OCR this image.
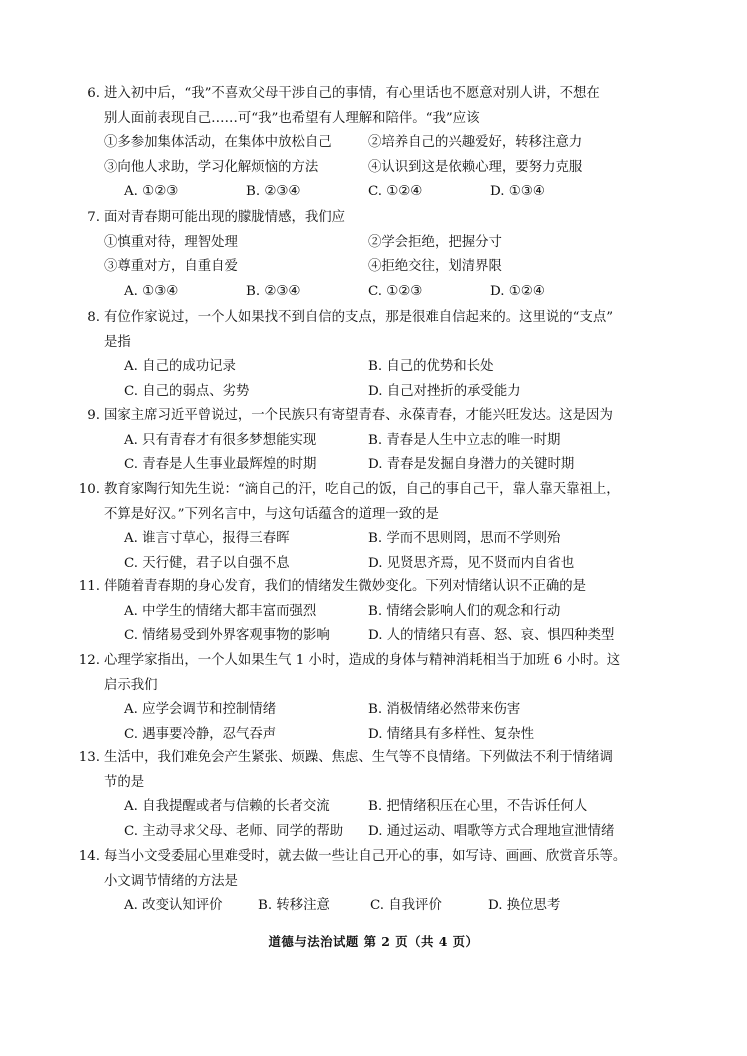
6. 进入初中后，“我”不喜欢父母干涉自己的事情，有心里话也不愿意对别人讲，不想在
别人面前表现自己……可“我”也希望有人理解和陪伴。“我”应该
①多参加集体活动，在集体中放松自己	②培养自己的兴趣爱好，转移注意力
③向他人求助，学习化解烦恼的方法	④认识到这是依赖心理，要努力克服
A. ①②③	B. ②③④	C. ①②④	D. ①③④
7. 面对青春期可能出现的朦胧情感，我们应
①慎重对待，理智处理	②学会拒绝，把握分寸
③尊重对方，自重自爱	④拒绝交往，划清界限
A. ①③④	B. ②③④	C. ①②③	D. ①②④
8. 有位作家说过，一个人如果找不到自信的支点，那是很难自信起来的。这里说的“支点”
是指
A. 自己的成功记录	B. 自己的优势和长处
C. 自己的弱点、劣势	D. 自己对挫折的承受能力
9. 国家主席习近平曾说过，一个民族只有寄望青春、永葆青春，才能兴旺发达。这是因为
A. 只有青春才有很多梦想能实现	B. 青春是人生中立志的唯一时期
C. 青春是人生事业最辉煌的时期	D. 青春是发掘自身潜力的关键时期
10. 教育家陶行知先生说：“滴自己的汗，吃自己的饭，自己的事自己干，靠人靠天靠祖上，
不算是好汉。”下列名言中，与这句话蕴含的道理一致的是
A. 谁言寸草心，报得三春晖	B. 学而不思则罔，思而不学则殆
C. 天行健，君子以自强不息	D. 见贤思齐焉，见不贤而内自省也
11. 伴随着青春期的身心发育，我们的情绪发生微妙变化。下列对情绪认识不正确的是
A. 中学生的情绪大都丰富而强烈	B. 情绪会影响人们的观念和行动
C. 情绪易受到外界客观事物的影响	D. 人的情绪只有喜、怒、哀、惧四种类型
12. 心理学家指出，一个人如果生气 1 小时，造成的身体与精神消耗相当于加班 6 小时。这
启示我们
A. 应学会调节和控制情绪	B. 消极情绪必然带来伤害
C. 遇事要冷静，忍气吞声	D. 情绪具有多样性、复杂性
13. 生活中，我们难免会产生紧张、烦躁、焦虑、生气等不良情绪。下列做法不利于情绪调
节的是
A. 自我提醒或者与信赖的长者交流	B. 把情绪积压在心里，不告诉任何人
C. 主动寻求父母、老师、同学的帮助 D. 通过运动、唱歌等方式合理地宣泄情绪
14. 每当小文受委屈心里难受时，就去做一些让自己开心的事，如写诗、画画、欣赏音乐等。
小文调节情绪的方法是
A. 改变认知评价	B. 转移注意	C. 自我评价	D. 换位思考
道德与法治试题 第 2 页（共 4 页）
